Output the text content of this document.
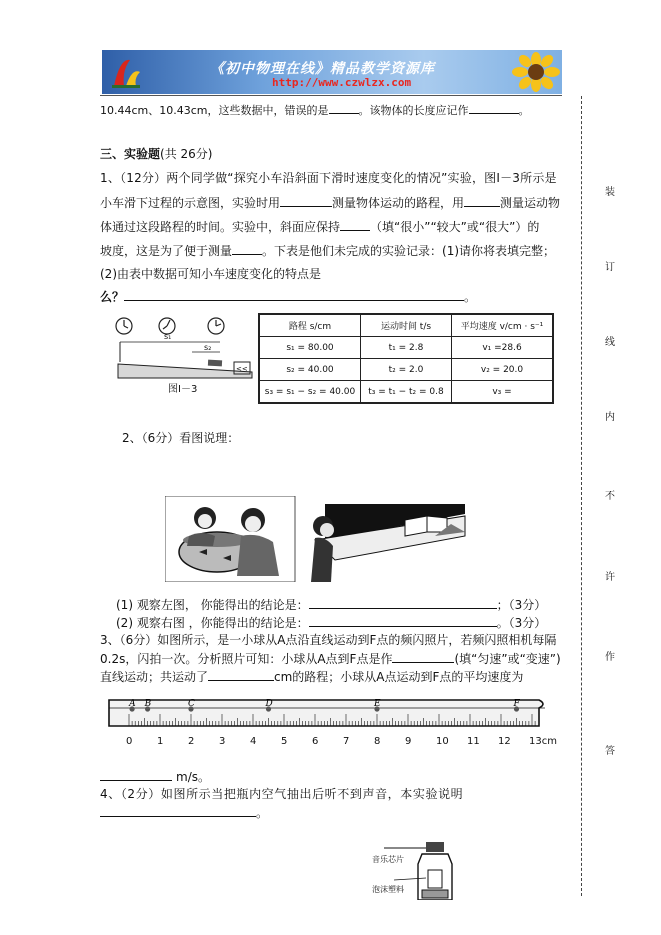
《初中物理在线》精品教学资源库
http://www.czwlzx.com
装
订
线
内
不
许
作
答
10.44cm、10.43cm，这些数据中，错误的是	。该物体的长度应记作	。
三、实验题(共 26分)
1、（12分）两个同学做“探究小车沿斜面下滑时速度变化的情况”实验，图Ⅰ－3所示是
小车滑下过程的示意图，实验时用	测量物体运动的路程，用	测量运动物
体通过这段路程的时间。实验中，斜面应保持	（填“很小”“较大”或“很大”）的
坡度，这是为了便于测量	。下表是他们未完成的实验记录：(1)请你将表填完整；
(2)由表中数据可知小车速度变化的特点是
么？	。
<<
s₁
s₂
图Ⅰ－3
路程 s/cm	运动时间 t/s	平均速度 v/cm · s⁻¹
s₁ = 80.00	t₁ = 2.8	v₁ =28.6
s₂ = 40.00	t₂ = 2.0	v₂ = 20.0
s₃ = s₁ − s₂ = 40.00	t₃ = t₁ − t₂ = 0.8	v₃ =
2、（6分）看图说理：
(1) 观察左图， 你能得出的结论是：	；（3分）
(2) 观察右图 ，你能得出的结论是：	。（3分）
3、（6分）如图所示，是一小球从A点沿直线运动到F点的频闪照片，若频闪照相机每隔
0.2s，闪拍一次。分析照片可知：小球从A点到F点是作	(填“匀速”或“变速”)
直线运动；共运动了	cm的路程；小球从A点运动到F点的平均速度为
A B	C	D	E	F
0 1 2 3 4 5 6 7 8 9 10 11 12 13cm
m/s。
4、（2分）如图所示当把瓶内空气抽出后听不到声音，本实验说明
。
音乐芯片
泡沫塑料
